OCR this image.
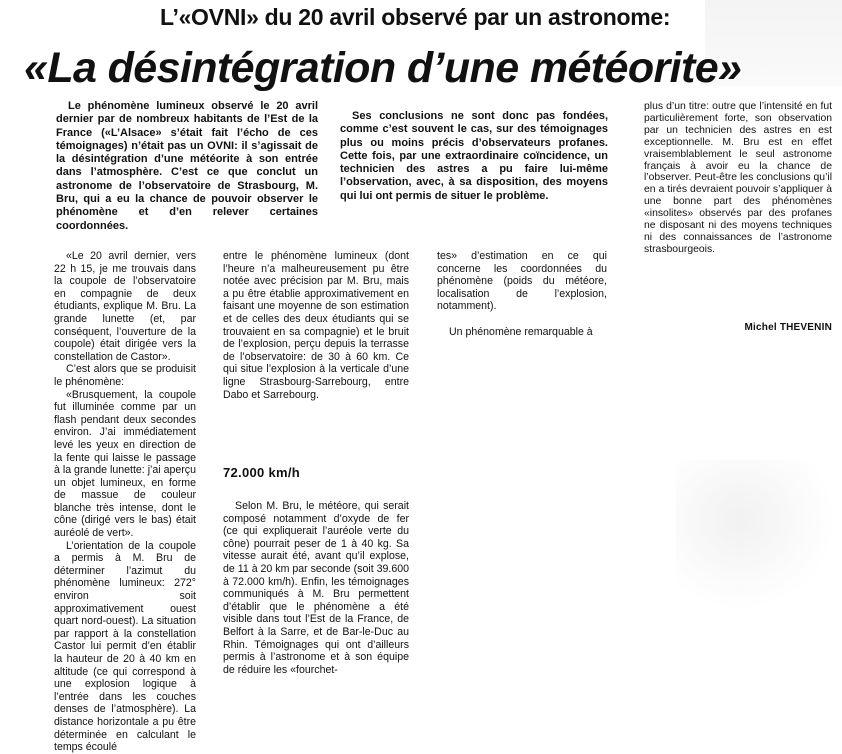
L’«OVNI» du 20 avril observé par un astronome:
«La désintégration d’une météorite»

Le phénomène lumineux observé le 20 avril dernier par de nombreux habitants de l’Est de la France («L’Alsace» s’était fait l’écho de ces témoignages) n’était pas un OVNI: il s’agissait de la désintégration d’une météorite à son entrée dans l’atmosphère. C’est ce que conclut un astronome de l’observatoire de Strasbourg, M. Bru, qui a eu la chance de pouvoir observer le phénomène et d’en relever certaines coordonnées.

Ses conclusions ne sont donc pas fondées, comme c’est souvent le cas, sur des témoignages plus ou moins précis d’observateurs profanes. Cette fois, par une extraordinaire coïncidence, un technicien des astres a pu faire lui-même l’observation, avec, à sa disposition, des moyens qui lui ont permis de situer le problème.

plus d’un titre: outre que l’intensité en fut particulièrement forte, son observation par un technicien des astres en est exceptionnelle. M. Bru est en effet vraisemblablement le seul astronome français à avoir eu la chance de l’observer. Peut-être les conclusions qu’il en a tirés devraient pouvoir s’appliquer à une bonne part des phénomènes «insolites» observés par des profanes ne disposant ni des moyens techniques ni des connaissances de l’astronome strasbourgeois.

«Le 20 avril dernier, vers 22 h 15, je me trouvais dans la coupole de l’observatoire en compagnie de deux étudiants, explique M. Bru. La grande lunette (et, par conséquent, l’ouverture de la coupole) était dirigée vers la constellation de Castor».

C’est alors que se produisit le phénomène:

«Brusquement, la coupole fut illuminée comme par un flash pendant deux secondes environ. J’ai immédiatement levé les yeux en direction de la fente qui laisse le passage à la grande lunette: j’ai aperçu un objet lumineux, en forme de massue de couleur blanche très intense, dont le cône (dirigé vers le bas) était auréolé de vert».

L’orientation de la coupole a permis à M. Bru de déterminer l’azimut du phénomène lumineux: 272° environ soit approximativement ouest quart nord-ouest). La situation par rapport à la constellation Castor lui permit d’en établir la hauteur de 20 à 40 km en altitude (ce qui correspond à une explosion logique à l’entrée dans les couches denses de l’atmosphère). La distance horizontale a pu être déterminée en calculant le temps écoulé

entre le phénomène lumineux (dont l’heure n’a malheureusement pu être notée avec précision par M. Bru, mais a pu être établie approximativement en faisant une moyenne de son estimation et de celles des deux étudiants qui se trouvaient en sa compagnie) et le bruit de l’explosion, perçu depuis la terrasse de l’observatoire: de 30 à 60 km. Ce qui situe l’explosion à la verticale d’une ligne Strasbourg-Sarrebourg, entre Dabo et Sarrebourg.

72.000 km/h

Selon M. Bru, le météore, qui serait composé notamment d’oxyde de fer (ce qui expliquerait l’auréole verte du cône) pourrait peser de 1 à 40 kg. Sa vitesse aurait été, avant qu’il explose, de 11 à 20 km par seconde (soit 39.600 à 72.000 km/h). Enfin, les témoignages communiqués à M. Bru permettent d’établir que le phénomène a été visible dans tout l’Est de la France, de Belfort à la Sarre, et de Bar-le-Duc au Rhin. Témoignages qui ont d’ailleurs permis à l’astronome et à son équipe de réduire les «fourchet-

tes» d’estimation en ce qui concerne les coordonnées du phénomène (poids du météore, localisation de l’explosion, notamment).

Un phénomène remarquable à	Michel THEVENIN
